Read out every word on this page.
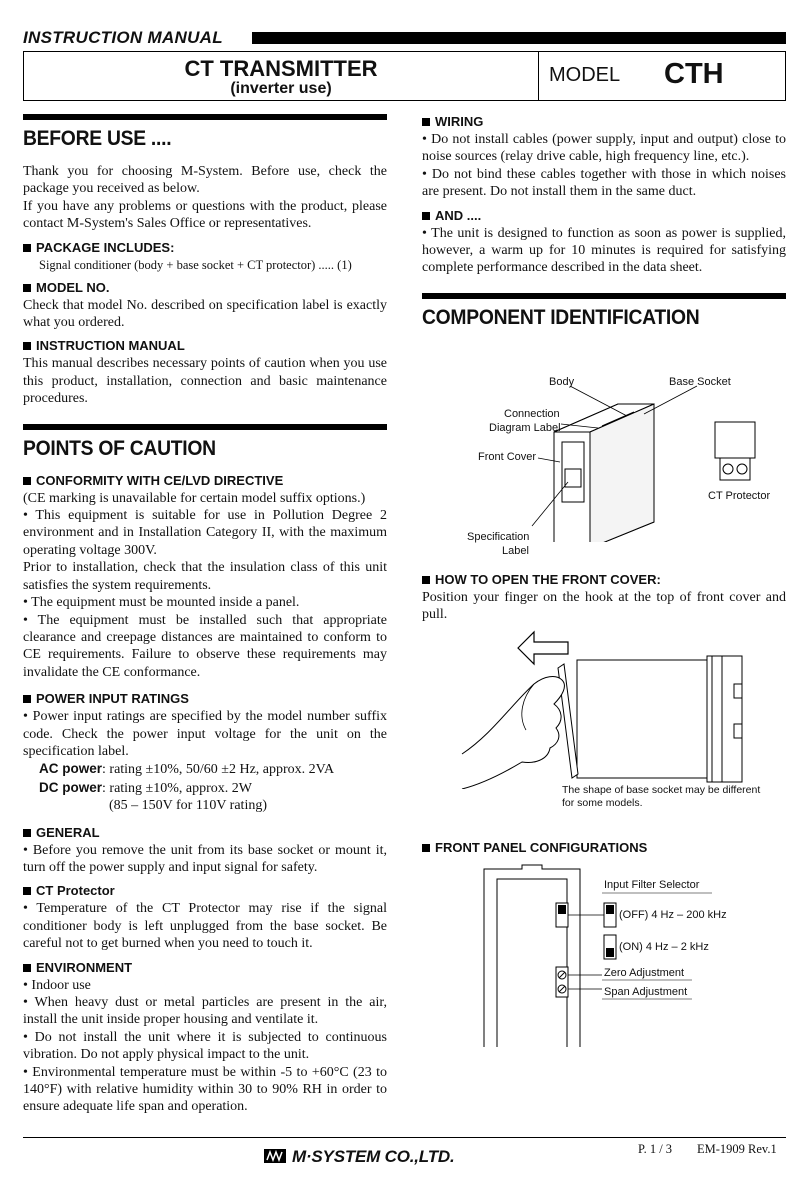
INSTRUCTION MANUAL
CT TRANSMITTER
(inverter use)
MODEL CTH
BEFORE USE ....

Thank you for choosing M-System. Before use, check the package you received as below.

If you have any problems or questions with the product, please contact M-System's Sales Office or representatives.

PACKAGE INCLUDES:

Signal conditioner (body + base socket + CT protector) ..... (1)

MODEL NO.

Check that model No. described on specification label is exactly what you ordered.

INSTRUCTION MANUAL

This manual describes necessary points of caution when you use this product, installation, connection and basic maintenance procedures.

POINTS OF CAUTION
CONFORMITY WITH CE/LVD DIRECTIVE

(CE marking is unavailable for certain model suffix options.)

• This equipment is suitable for use in Pollution Degree 2 environment and in Installation Category II, with the maximum operating voltage 300V.

Prior to installation, check that the insulation class of this unit satisfies the system requirements.

• The equipment must be mounted inside a panel.

• The equipment must be installed such that appropriate clearance and creepage distances are maintained to conform to CE requirements. Failure to observe these requirements may invalidate the CE conformance.

POWER INPUT RATINGS

• Power input ratings are specified by the model number suffix code. Check the power input voltage for the unit on the specification label.

AC power: rating ±10%, 50/60 ±2 Hz, approx. 2VA

DC power: rating ±10%, approx. 2W

(85 – 150V for 110V rating)

GENERAL

• Before you remove the unit from its base socket or mount it, turn off the power supply and input signal for safety.

CT Protector

• Temperature of the CT Protector may rise if the signal conditioner body is left unplugged from the base socket. Be careful not to get burned when you need to touch it.

ENVIRONMENT

• Indoor use

• When heavy dust or metal particles are present in the air, install the unit inside proper housing and ventilate it.

• Do not install the unit where it is subjected to continuous vibration. Do not apply physical impact to the unit.

• Environmental temperature must be within -5 to +60°C (23 to 140°F) with relative humidity within 30 to 90% RH in order to ensure adequate life span and operation.

WIRING

• Do not install cables (power supply, input and output) close to noise sources (relay drive cable, high frequency line, etc.).

• Do not bind these cables together with those in which noises are present. Do not install them in the same duct.

AND ....

• The unit is designed to function as soon as power is supplied, however, a warm up for 10 minutes is required for satisfying complete performance described in the data sheet.

COMPONENT IDENTIFICATION
Body	Base Socket
Connection
Diagram Label
Front Cover
Specification
Label
CT Protector
HOW TO OPEN THE FRONT COVER:

Position your finger on the hook at the top of front cover and pull.

The shape of base socket may be different
for some models.
FRONT PANEL CONFIGURATIONS
Input Filter Selector
(OFF) 4 Hz – 200 kHz
(ON) 4 Hz – 2 kHz
Zero Adjustment
Span Adjustment
M·SYSTEM CO.,LTD.	P. 1 / 3 EM-1909 Rev.1
